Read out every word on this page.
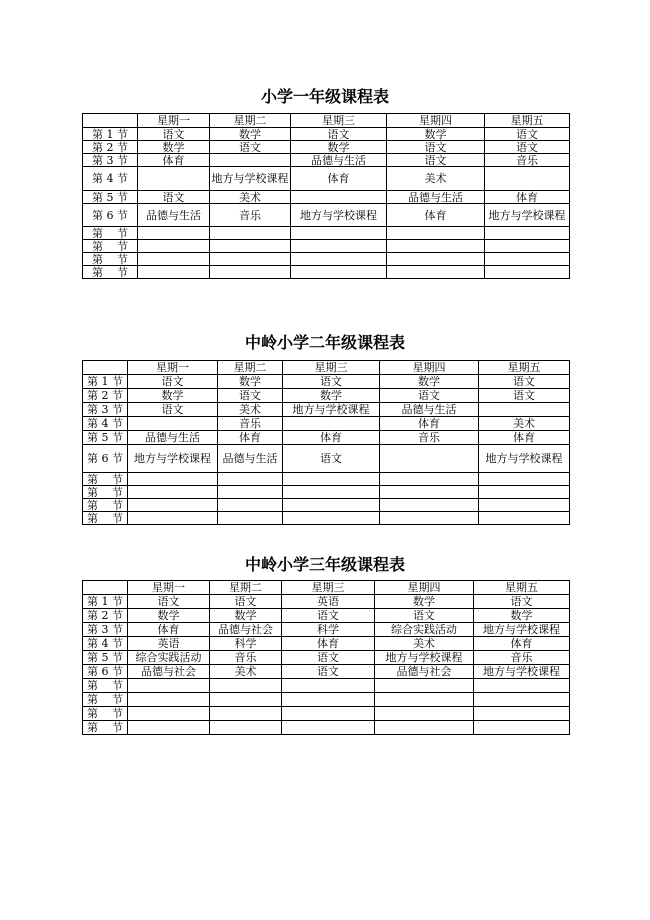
小学一年级课程表
	星期一	星期二	星期三	星期四	星期五
第 1 节	语文	数学	语文	数学	语文
第 2 节	数学	语文	数学	语文	语文
第 3 节	体育		品德与生活	语文	音乐
第 4 节		地方与学校课程	体育	美术	
第 5 节	语文	美术		品德与生活	体育
第 6 节	品德与生活	音乐	地方与学校课程	体育	地方与学校课程
第    节					
第    节					
第    节					
第    节					
中岭小学二年级课程表
	星期一	星期二	星期三	星期四	星期五
第 1 节	语文	数学	语文	数学	语文
第 2 节	数学	语文	数学	语文	语文
第 3 节	语文	美术	地方与学校课程	品德与生活	
第 4 节		音乐		体育	美术
第 5 节	品德与生活	体育	体育	音乐	体育
第 6 节	地方与学校课程	品德与生活	语文		地方与学校课程
第    节					
第    节					
第    节					
第    节					
中岭小学三年级课程表
	星期一	星期二	星期三	星期四	星期五
第 1 节	语文	语文	英语	数学	语文
第 2 节	数学	数学	语文	语文	数学
第 3 节	体育	品德与社会	科学	综合实践活动	地方与学校课程
第 4 节	英语	科学	体育	美术	体育
第 5 节	综合实践活动	音乐	语文	地方与学校课程	音乐
第 6 节	品德与社会	美术	语文	品德与社会	地方与学校课程
第    节					
第    节					
第    节					
第    节					
